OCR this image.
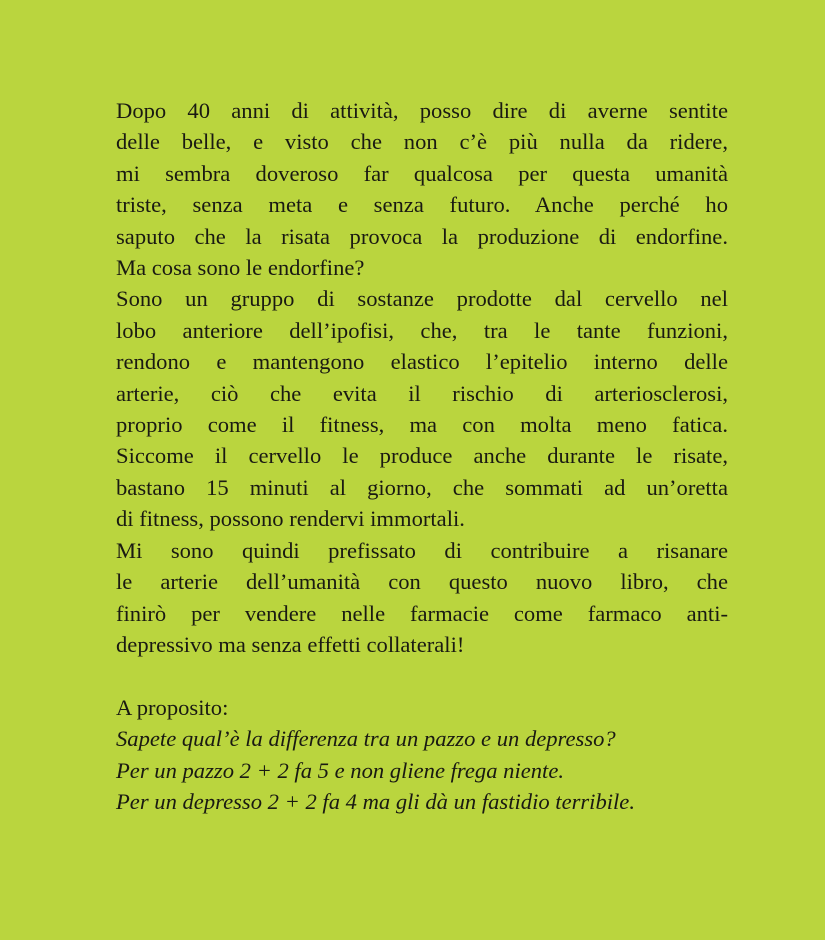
Dopo 40 anni di attività, posso dire di averne sentite
delle belle, e visto che non c’è più nulla da ridere,
mi sembra doveroso far qualcosa per questa umanità
triste, senza meta e senza futuro. Anche perché ho
saputo che la risata provoca la produzione di endorfine.
Ma cosa sono le endorfine?
Sono un gruppo di sostanze prodotte dal cervello nel
lobo anteriore dell’ipofisi, che, tra le tante funzioni,
rendono e mantengono elastico l’epitelio interno delle
arterie, ciò che evita il rischio di arteriosclerosi,
proprio come il fitness, ma con molta meno fatica.
Siccome il cervello le produce anche durante le risate,
bastano 15 minuti al giorno, che sommati ad un’oretta
di fitness, possono rendervi immortali.
Mi sono quindi prefissato di contribuire a risanare
le arterie dell’umanità con questo nuovo libro, che
finirò per vendere nelle farmacie come farmaco anti-
depressivo ma senza effetti collaterali!
A proposito:
Sapete qual’è la differenza tra un pazzo e un depresso?
Per un pazzo 2 + 2 fa 5 e non gliene frega niente.
Per un depresso 2 + 2 fa 4 ma gli dà un fastidio terribile.
